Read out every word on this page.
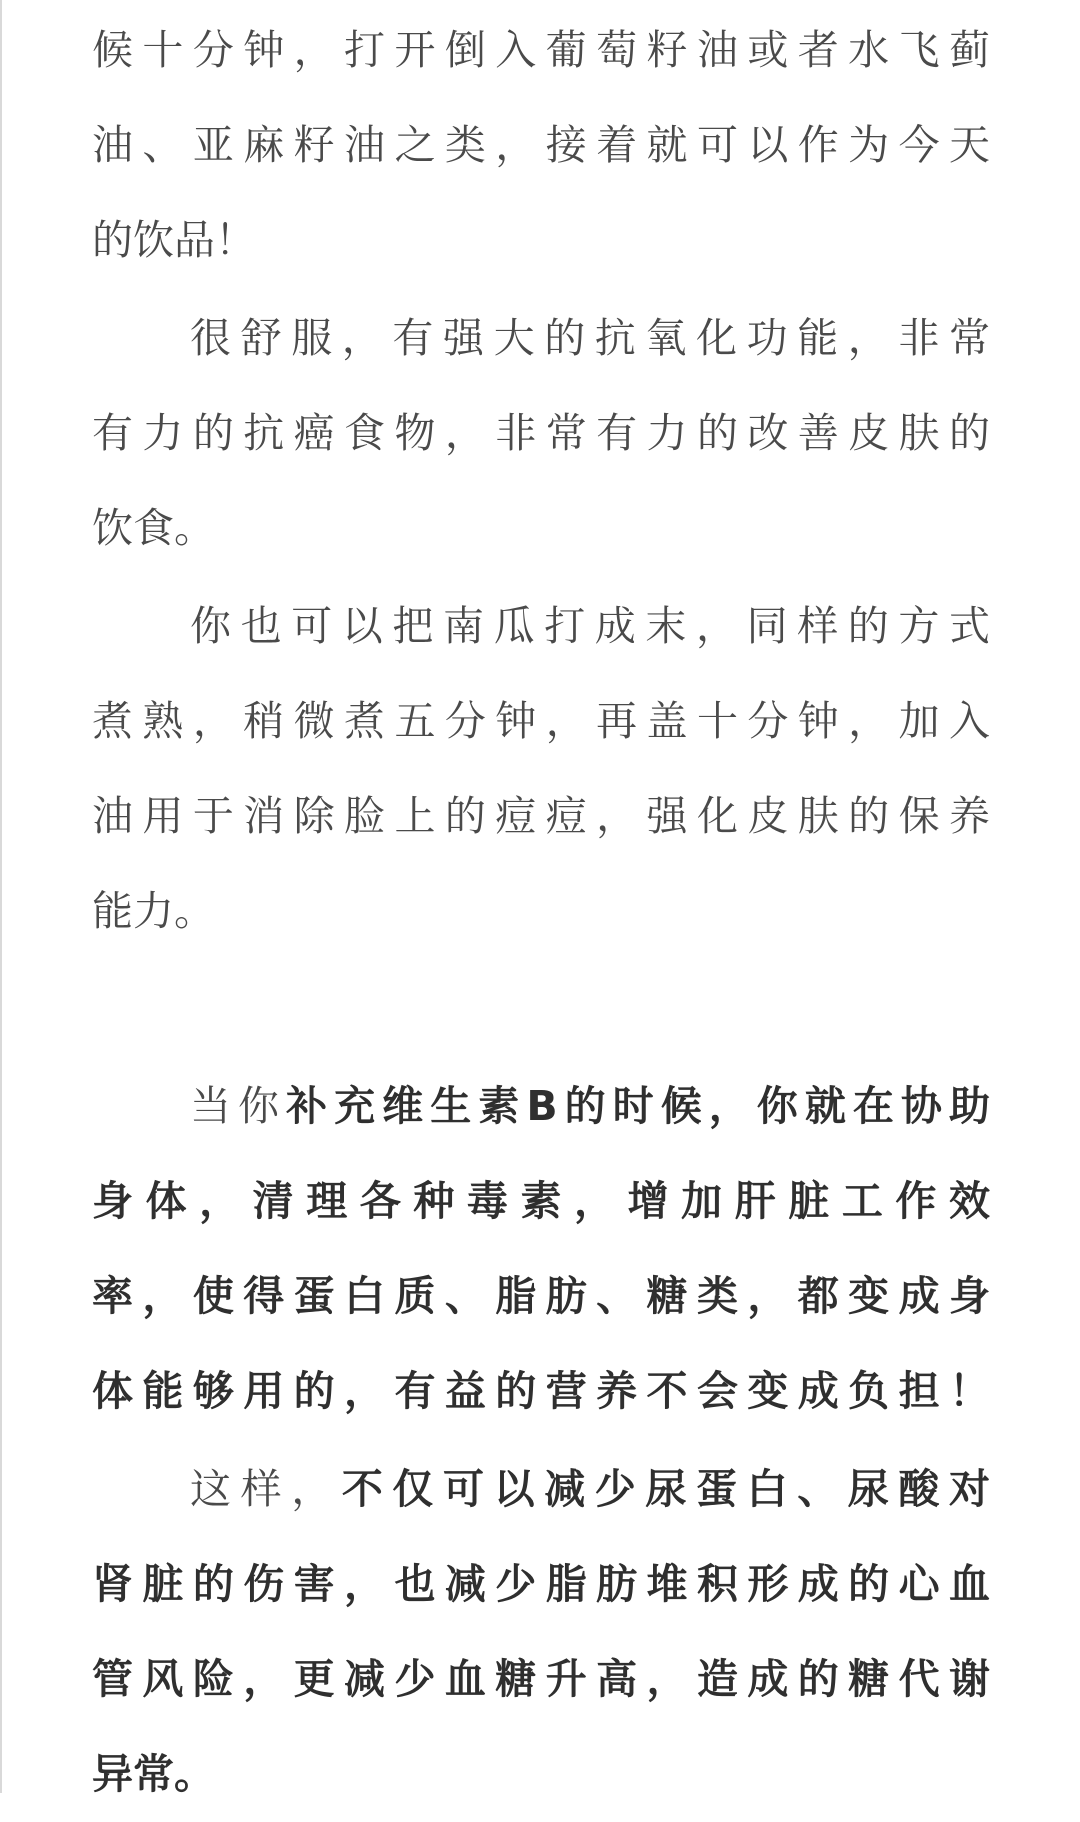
候十分钟，打开倒入葡萄籽油或者水飞蓟
油、亚麻籽油之类，接着就可以作为今天
的饮品！
很舒服，有强大的抗氧化功能，非常
有力的抗癌食物，非常有力的改善皮肤的
饮食。
你也可以把南瓜打成末，同样的方式
煮熟，稍微煮五分钟，再盖十分钟，加入
油用于消除脸上的痘痘，强化皮肤的保养
能力。
当你补充维生素B的时候，你就在协助
身体，清理各种毒素，增加肝脏工作效
率，使得蛋白质、脂肪、糖类，都变成身
体能够用的，有益的营养不会变成负担！
这样，不仅可以减少尿蛋白、尿酸对
肾脏的伤害，也减少脂肪堆积形成的心血
管风险，更减少血糖升高，造成的糖代谢
异常。
